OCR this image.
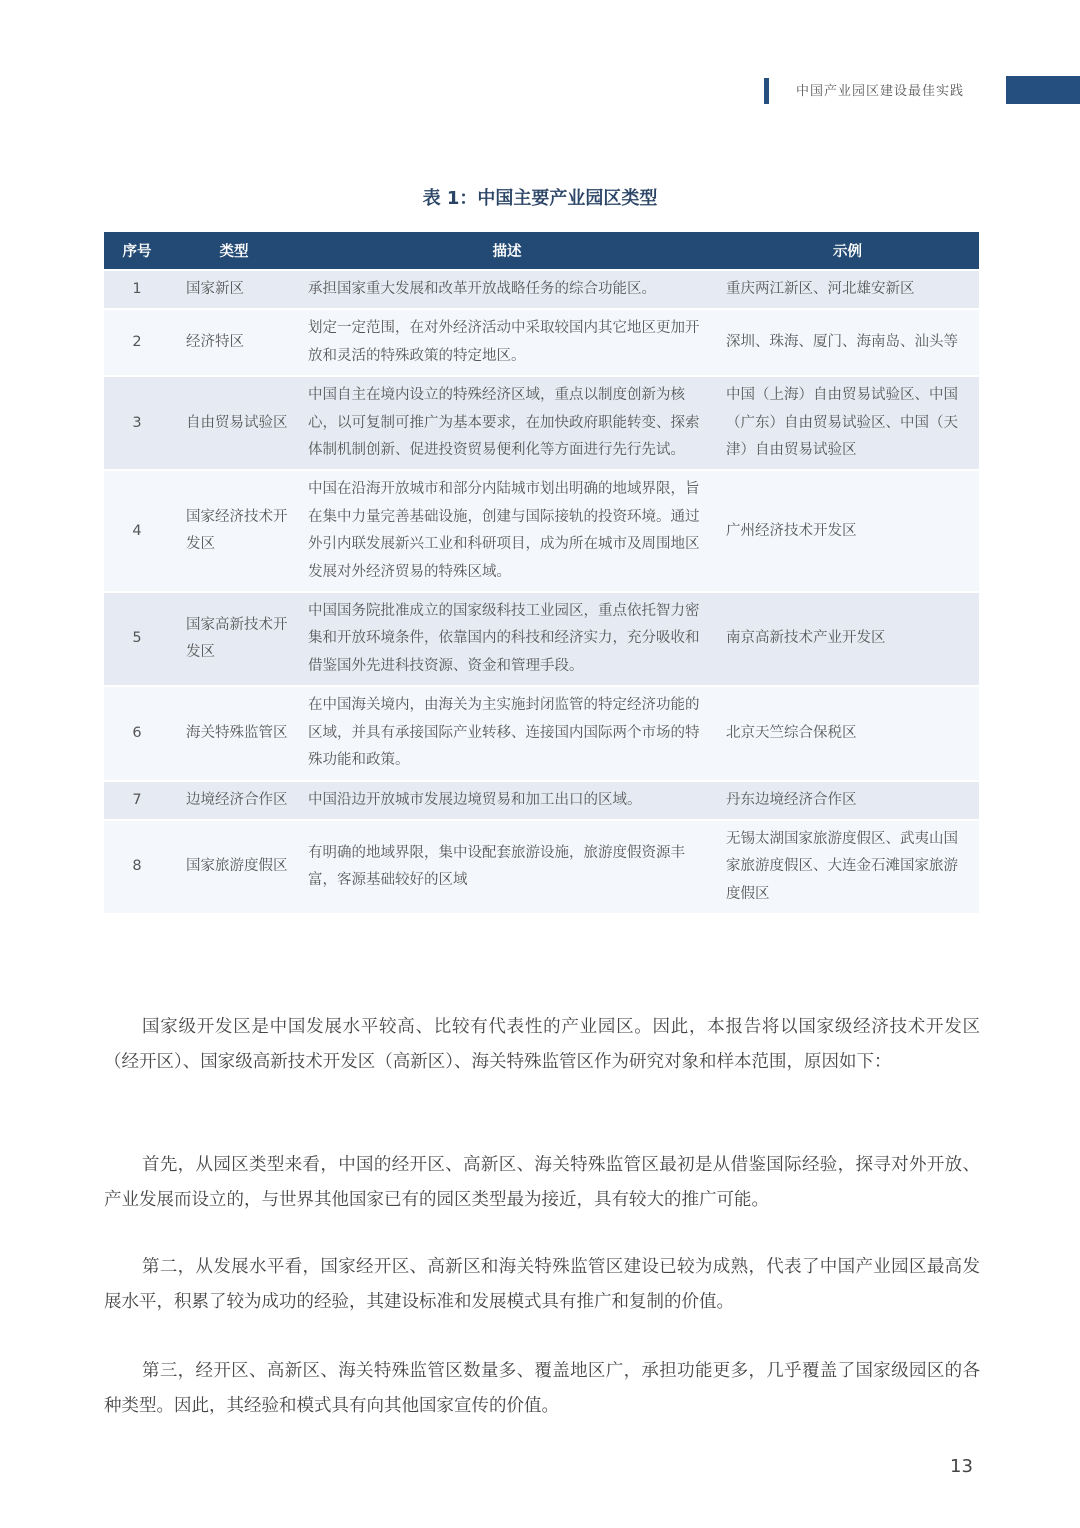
中国产业园区建设最佳实践
表 1：中国主要产业园区类型
序号	类型	描述	示例
1	国家新区	承担国家重大发展和改革开放战略任务的综合功能区。	重庆两江新区、河北雄安新区
2	经济特区	划定一定范围，在对外经济活动中采取较国内其它地区更加开放和灵活的特殊政策的特定地区。	深圳、珠海、厦门、海南岛、汕头等
3	自由贸易试验区	中国自主在境内设立的特殊经济区域，重点以制度创新为核心，以可复制可推广为基本要求，在加快政府职能转变、探索体制机制创新、促进投资贸易便利化等方面进行先行先试。	中国（上海）自由贸易试验区、中国（广东）自由贸易试验区、中国（天津）自由贸易试验区
4	国家经济技术开发区	中国在沿海开放城市和部分内陆城市划出明确的地域界限，旨在集中力量完善基础设施，创建与国际接轨的投资环境。通过外引内联发展新兴工业和科研项目，成为所在城市及周围地区发展对外经济贸易的特殊区域。	广州经济技术开发区
5	国家高新技术开发区	中国国务院批准成立的国家级科技工业园区，重点依托智力密集和开放环境条件，依靠国内的科技和经济实力，充分吸收和借鉴国外先进科技资源、资金和管理手段。	南京高新技术产业开发区
6	海关特殊监管区	在中国海关境内，由海关为主实施封闭监管的特定经济功能的区域，并具有承接国际产业转移、连接国内国际两个市场的特殊功能和政策。	北京天竺综合保税区
7	边境经济合作区	中国沿边开放城市发展边境贸易和加工出口的区域。	丹东边境经济合作区
8	国家旅游度假区	有明确的地域界限，集中设配套旅游设施，旅游度假资源丰富，客源基础较好的区域	无锡太湖国家旅游度假区、武夷山国家旅游度假区、大连金石滩国家旅游度假区

国家级开发区是中国发展水平较高、比较有代表性的产业园区。因此，本报告将以国家级经济技术开发区（经开区）、国家级高新技术开发区（高新区）、海关特殊监管区作为研究对象和样本范围，原因如下：

首先，从园区类型来看，中国的经开区、高新区、海关特殊监管区最初是从借鉴国际经验，探寻对外开放、产业发展而设立的，与世界其他国家已有的园区类型最为接近，具有较大的推广可能。

第二，从发展水平看，国家经开区、高新区和海关特殊监管区建设已较为成熟，代表了中国产业园区最高发展水平，积累了较为成功的经验，其建设标准和发展模式具有推广和复制的价值。

第三，经开区、高新区、海关特殊监管区数量多、覆盖地区广，承担功能更多，几乎覆盖了国家级园区的各种类型。因此，其经验和模式具有向其他国家宣传的价值。

13
